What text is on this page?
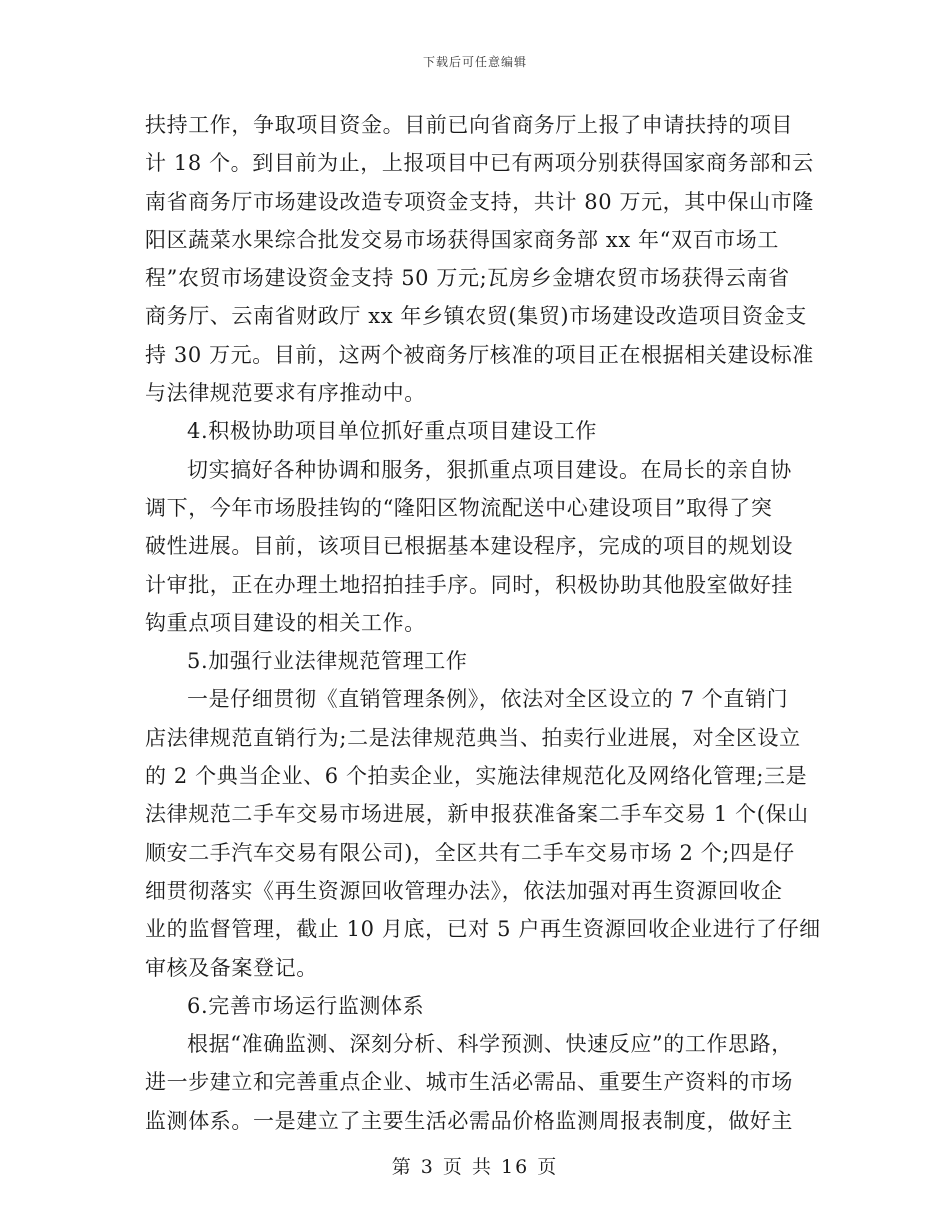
下载后可任意编辑
扶持工作，争取项目资金。目前已向省商务厅上报了申请扶持的项目
计 18 个。到目前为止，上报项目中已有两项分别获得国家商务部和云
南省商务厅市场建设改造专项资金支持，共计 80 万元，其中保山市隆
阳区蔬菜水果综合批发交易市场获得国家商务部 xx 年“双百市场工
程”农贸市场建设资金支持 50 万元;瓦房乡金塘农贸市场获得云南省
商务厅、云南省财政厅 xx 年乡镇农贸(集贸)市场建设改造项目资金支
持 30 万元。目前，这两个被商务厅核准的项目正在根据相关建设标准
与法律规范要求有序推动中。
4.积极协助项目单位抓好重点项目建设工作
切实搞好各种协调和服务，狠抓重点项目建设。在局长的亲自协
调下，今年市场股挂钩的“隆阳区物流配送中心建设项目”取得了突
破性进展。目前，该项目已根据基本建设程序，完成的项目的规划设
计审批，正在办理土地招拍挂手序。同时，积极协助其他股室做好挂
钩重点项目建设的相关工作。
5.加强行业法律规范管理工作
一是仔细贯彻《直销管理条例》，依法对全区设立的 7 个直销门
店法律规范直销行为;二是法律规范典当、拍卖行业进展，对全区设立
的 2 个典当企业、6 个拍卖企业，实施法律规范化及网络化管理;三是
法律规范二手车交易市场进展，新申报获准备案二手车交易 1 个(保山
顺安二手汽车交易有限公司)，全区共有二手车交易市场 2 个;四是仔
细贯彻落实《再生资源回收管理办法》，依法加强对再生资源回收企
业的监督管理，截止 10 月底，已对 5 户再生资源回收企业进行了仔细
审核及备案登记。
6.完善市场运行监测体系
根据“准确监测、深刻分析、科学预测、快速反应”的工作思路，
进一步建立和完善重点企业、城市生活必需品、重要生产资料的市场
监测体系。一是建立了主要生活必需品价格监测周报表制度，做好主
第 3 页 共 16 页
